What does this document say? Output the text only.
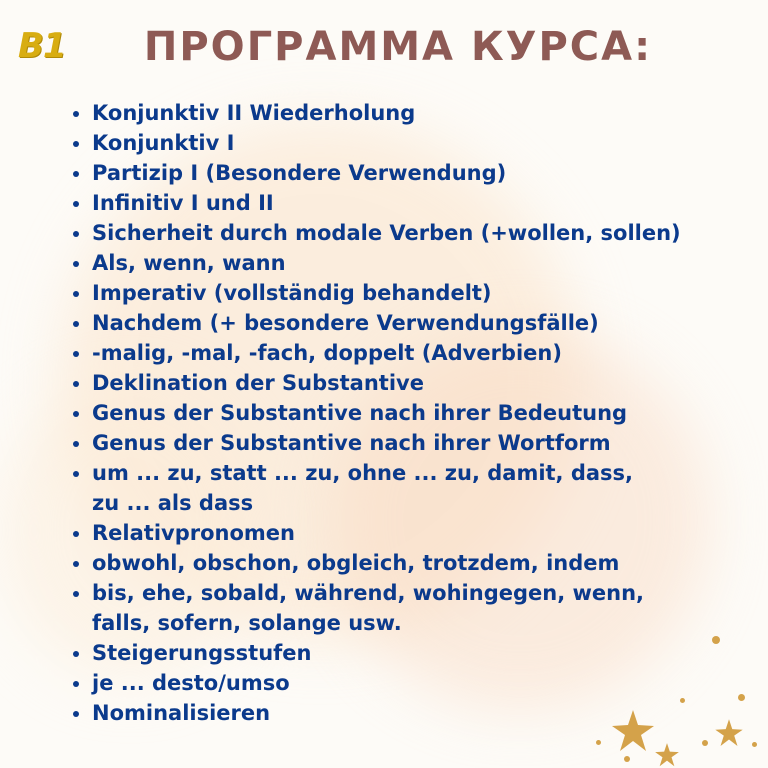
B1	ПРОГРАММА КУРСА:
• Konjunktiv II Wiederholung
• Konjunktiv I
• Partizip I (Besondere Verwendung)
• Infinitiv I und II
• Sicherheit durch modale Verben (+wollen, sollen)
• Als, wenn, wann
• Imperativ (vollständig behandelt)
• Nachdem (+ besondere Verwendungsfälle)
• -malig, -mal, -fach, doppelt (Adverbien)
• Deklination der Substantive
• Genus der Substantive nach ihrer Bedeutung
• Genus der Substantive nach ihrer Wortform
• um ... zu, statt ... zu, ohne ... zu, damit, dass,
zu ... als dass
• Relativpronomen
• obwohl, obschon, obgleich, trotzdem, indem
• bis, ehe, sobald, während, wohingegen, wenn,
falls, sofern, solange usw.
• Steigerungsstufen
• je ... desto/umso
• Nominalisieren
